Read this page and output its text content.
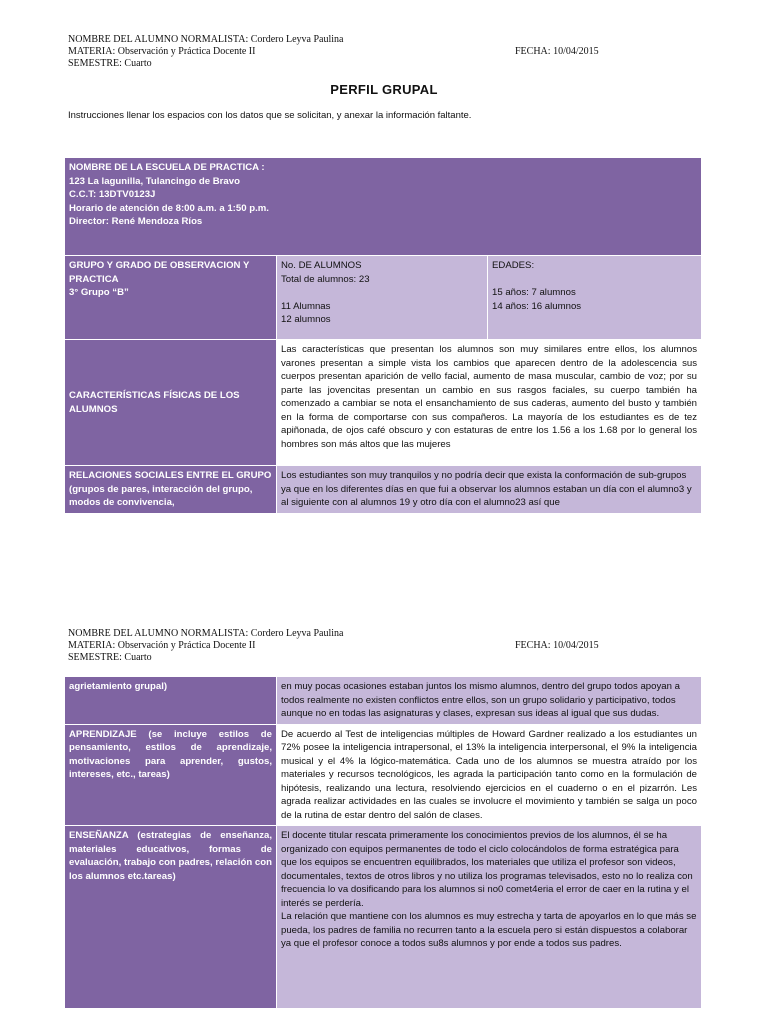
NOMBRE DEL ALUMNO NORMALISTA: Cordero Leyva Paulina
MATERIA: Observación y Práctica Docente II
SEMESTRE: Cuarto
FECHA: 10/04/2015
PERFIL GRUPAL
Instrucciones llenar los espacios con los datos que se solicitan, y anexar la información faltante.
NOMBRE DE LA ESCUELA DE PRACTICA :
123 La lagunilla, Tulancingo de Bravo
C.C.T: 13DTV0123J
Horario de atención de 8:00 a.m. a 1:50 p.m.
Director: René Mendoza Ríos		

GRUPO Y GRADO DE OBSERVACION Y
PRACTICA
3° Grupo “B”	No. DE ALUMNOS
Total de alumnos: 23
11 Alumnas
12 alumnos	EDADES:
15 años: 7 alumnos
14 años: 16 alumnos

CARACTERÍSTICAS FÍSICAS DE LOS ALUMNOS	Las características que presentan los alumnos son muy similares entre ellos, los alumnos varones presentan a simple vista los cambios que aparecen dentro de la adolescencia sus cuerpos presentan aparición de vello facial, aumento de masa muscular, cambio de voz; por su parte las jovencitas presentan un cambio en sus rasgos faciales, su cuerpo también ha comenzado a cambiar se nota el ensanchamiento de sus caderas, aumento del busto y también en la forma de comportarse con sus compañeros. La mayoría de los estudiantes es de tez apiñonada, de ojos café obscuro y con estaturas de entre los 1.56 a los 1.68 por lo general los hombres son más altos que las mujeres	

RELACIONES SOCIALES ENTRE EL GRUPO (grupos de pares, interacción del grupo, modos de convivencia,	Los estudiantes son muy tranquilos y no podría decir que exista la conformación de sub-grupos ya que en los diferentes días en que fui a observar los alumnos estaban un día con el alumno3 y al siguiente con al alumnos 19 y otro día con el alumno23 así que	
NOMBRE DEL ALUMNO NORMALISTA: Cordero Leyva Paulina
MATERIA: Observación y Práctica Docente II
SEMESTRE: Cuarto
FECHA: 10/04/2015
agrietamiento grupal)	en muy pocas ocasiones estaban juntos los mismo alumnos, dentro del grupo todos apoyan a todos realmente no existen conflictos entre ellos, son un grupo solidario y participativo, todos aunque no en todas las asignaturas y clases, expresan sus ideas al igual que sus dudas.
APRENDIZAJE (se incluye estilos de pensamiento, estilos de aprendizaje, motivaciones para aprender, gustos, intereses, etc., tareas)	De acuerdo al Test de inteligencias múltiples de Howard Gardner realizado a los estudiantes un 72% posee la inteligencia intrapersonal, el 13% la inteligencia interpersonal, el 9% la inteligencia musical y el 4% la lógico-matemática. Cada uno de los alumnos se muestra atraído por los materiales y recursos tecnológicos, les agrada la participación tanto como en la formulación de hipótesis, realizando una lectura, resolviendo ejercicios en el cuaderno o en el pizarrón. Les agrada realizar actividades en las cuales se involucre el movimiento y también se salga un poco de la rutina de estar dentro del salón de clases.
ENSEÑANZA (estrategias de enseñanza, materiales educativos, formas de evaluación, trabajo con padres, relación con los alumnos etc.tareas)	El docente titular rescata primeramente los conocimientos previos de los alumnos, él se ha organizado con equipos permanentes de todo el ciclo colocándolos de forma estratégica para que los equipos se encuentren equilibrados, los materiales que utiliza el profesor son videos, documentales, textos de otros libros y no utiliza los programas televisados, esto no lo realiza con frecuencia lo va dosificando para los alumnos si no0 comet4eria el error de caer en la rutina y el interés se perdería.
La relación que mantiene con los alumnos es muy estrecha y tarta de apoyarlos en lo que más se pueda, los padres de familia no recurren tanto a la escuela pero si están dispuestos a colaborar ya que el profesor conoce a todos su8s alumnos y por ende a todos sus padres.
